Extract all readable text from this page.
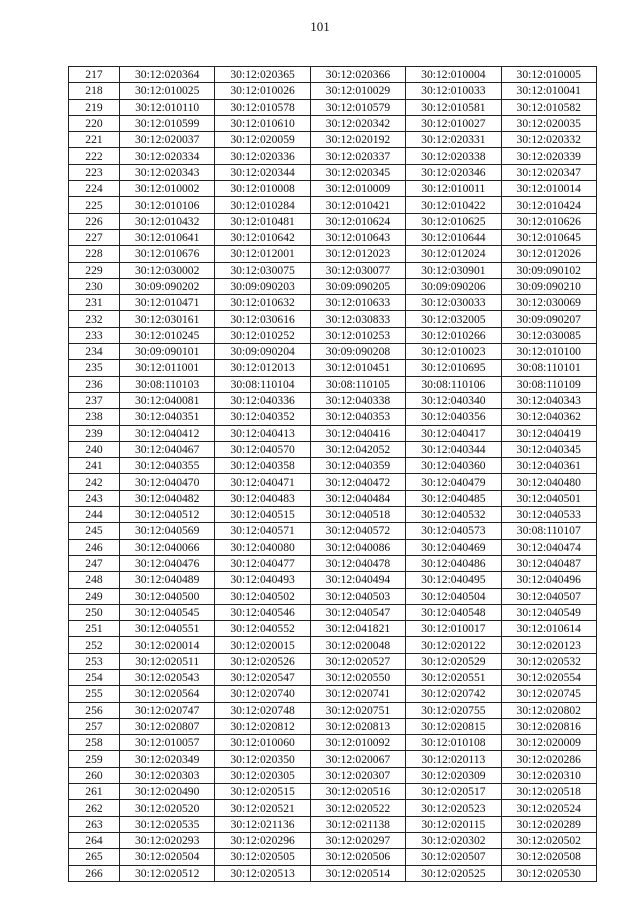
101
217	30:12:020364	30:12:020365	30:12:020366	30:12:010004	30:12:010005
218	30:12:010025	30:12:010026	30:12:010029	30:12:010033	30:12:010041
219	30:12:010110	30:12:010578	30:12:010579	30:12:010581	30:12:010582
220	30:12:010599	30:12:010610	30:12:020342	30:12:010027	30:12:020035
221	30:12:020037	30:12:020059	30:12:020192	30:12:020331	30:12:020332
222	30:12:020334	30:12:020336	30:12:020337	30:12:020338	30:12:020339
223	30:12:020343	30:12:020344	30:12:020345	30:12:020346	30:12:020347
224	30:12:010002	30:12:010008	30:12:010009	30:12:010011	30:12:010014
225	30:12:010106	30:12:010284	30:12:010421	30:12:010422	30:12:010424
226	30:12:010432	30:12:010481	30:12:010624	30:12:010625	30:12:010626
227	30:12:010641	30:12:010642	30:12:010643	30:12:010644	30:12:010645
228	30:12:010676	30:12:012001	30:12:012023	30:12:012024	30:12:012026
229	30:12:030002	30:12:030075	30:12:030077	30:12:030901	30:09:090102
230	30:09:090202	30:09:090203	30:09:090205	30:09:090206	30:09:090210
231	30:12:010471	30:12:010632	30:12:010633	30:12:030033	30:12:030069
232	30:12:030161	30:12:030616	30:12:030833	30:12:032005	30:09:090207
233	30:12:010245	30:12:010252	30:12:010253	30:12:010266	30:12:030085
234	30:09:090101	30:09:090204	30:09:090208	30:12:010023	30:12:010100
235	30:12:011001	30:12:012013	30:12:010451	30:12:010695	30:08:110101
236	30:08:110103	30:08:110104	30:08:110105	30:08:110106	30:08:110109
237	30:12:040081	30:12:040336	30:12:040338	30:12:040340	30:12:040343
238	30:12:040351	30:12:040352	30:12:040353	30:12:040356	30:12:040362
239	30:12:040412	30:12:040413	30:12:040416	30:12:040417	30:12:040419
240	30:12:040467	30:12:040570	30:12:042052	30:12:040344	30:12:040345
241	30:12:040355	30:12:040358	30:12:040359	30:12:040360	30:12:040361
242	30:12:040470	30:12:040471	30:12:040472	30:12:040479	30:12:040480
243	30:12:040482	30:12:040483	30:12:040484	30:12:040485	30:12:040501
244	30:12:040512	30:12:040515	30:12:040518	30:12:040532	30:12:040533
245	30:12:040569	30:12:040571	30:12:040572	30:12:040573	30:08:110107
246	30:12:040066	30:12:040080	30:12:040086	30:12:040469	30:12:040474
247	30:12:040476	30:12:040477	30:12:040478	30:12:040486	30:12:040487
248	30:12:040489	30:12:040493	30:12:040494	30:12:040495	30:12:040496
249	30:12:040500	30:12:040502	30:12:040503	30:12:040504	30:12:040507
250	30:12:040545	30:12:040546	30:12:040547	30:12:040548	30:12:040549
251	30:12:040551	30:12:040552	30:12:041821	30:12:010017	30:12:010614
252	30:12:020014	30:12:020015	30:12:020048	30:12:020122	30:12:020123
253	30:12:020511	30:12:020526	30:12:020527	30:12:020529	30:12:020532
254	30:12:020543	30:12:020547	30:12:020550	30:12:020551	30:12:020554
255	30:12:020564	30:12:020740	30:12:020741	30:12:020742	30:12:020745
256	30:12:020747	30:12:020748	30:12:020751	30:12:020755	30:12:020802
257	30:12:020807	30:12:020812	30:12:020813	30:12:020815	30:12:020816
258	30:12:010057	30:12:010060	30:12:010092	30:12:010108	30:12:020009
259	30:12:020349	30:12:020350	30:12:020067	30:12:020113	30:12:020286
260	30:12:020303	30:12:020305	30:12:020307	30:12:020309	30:12:020310
261	30:12:020490	30:12:020515	30:12:020516	30:12:020517	30:12:020518
262	30:12:020520	30:12:020521	30:12:020522	30:12:020523	30:12:020524
263	30:12:020535	30:12:021136	30:12:021138	30:12:020115	30:12:020289
264	30:12:020293	30:12:020296	30:12:020297	30:12:020302	30:12:020502
265	30:12:020504	30:12:020505	30:12:020506	30:12:020507	30:12:020508
266	30:12:020512	30:12:020513	30:12:020514	30:12:020525	30:12:020530
